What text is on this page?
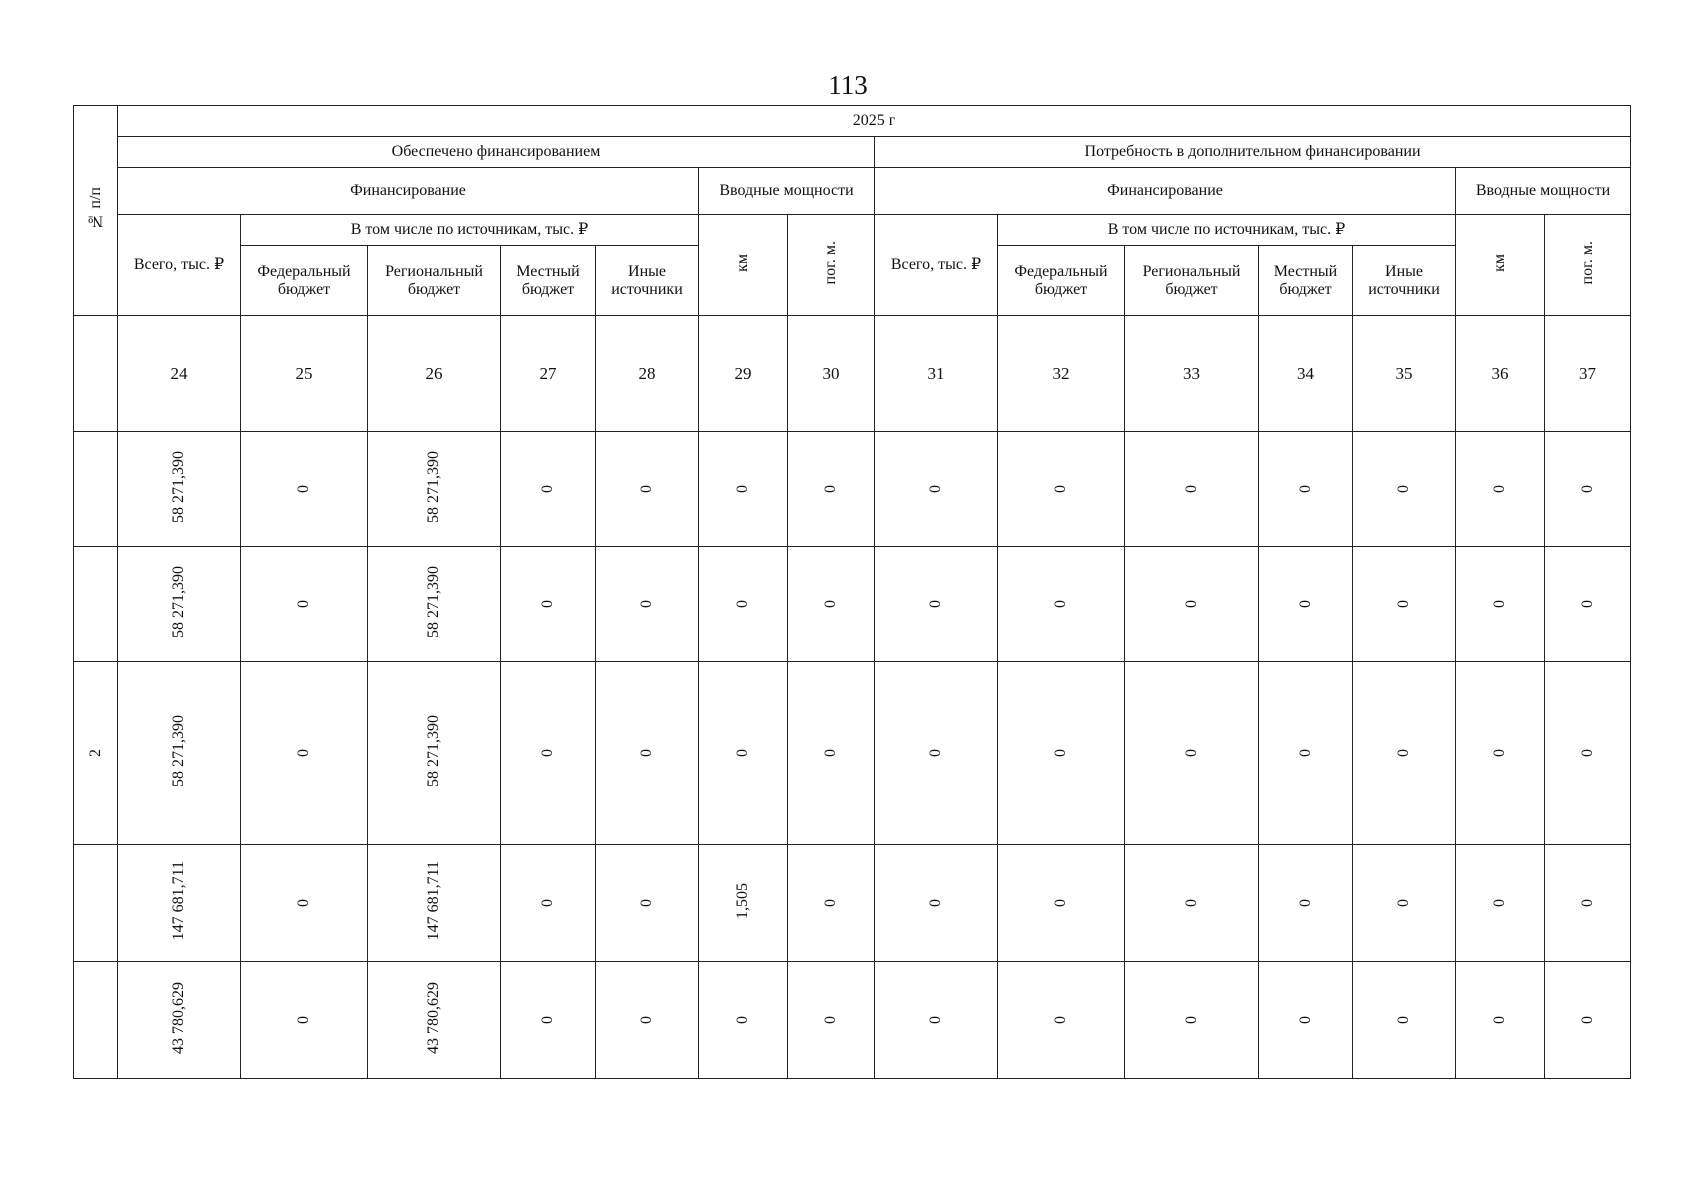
113
№ п/п	2025 г													
	Обеспечено финансированием							Потребность в дополнительном финансировании						
	Финансирование					Вводные мощности		Финансирование					Вводные мощности	

	Всего, тыс. ₽	В том числе по источникам, тыс. ₽				км	пог. м.	Всего, тыс. ₽	В том числе по источникам, тыс. ₽				км	пог. м.

		Федеральный бюджет	Региональный бюджет	Местный бюджет	Иные источники				Федеральный бюджет	Региональный бюджет	Местный бюджет	Иные источники		

	24	25	26	27	28	29	30	31	32	33	34	35	36	37
	58 271,390	0	58 271,390	0	0	0	0	0	0	0	0	0	0	0
	58 271,390	0	58 271,390	0	0	0	0	0	0	0	0	0	0	0
2	58 271,390	0	58 271,390	0	0	0	0	0	0	0	0	0	0	0
	147 681,711	0	147 681,711	0	0	1,505	0	0	0	0	0	0	0	0
	43 780,629	0	43 780,629	0	0	0	0	0	0	0	0	0	0	0
